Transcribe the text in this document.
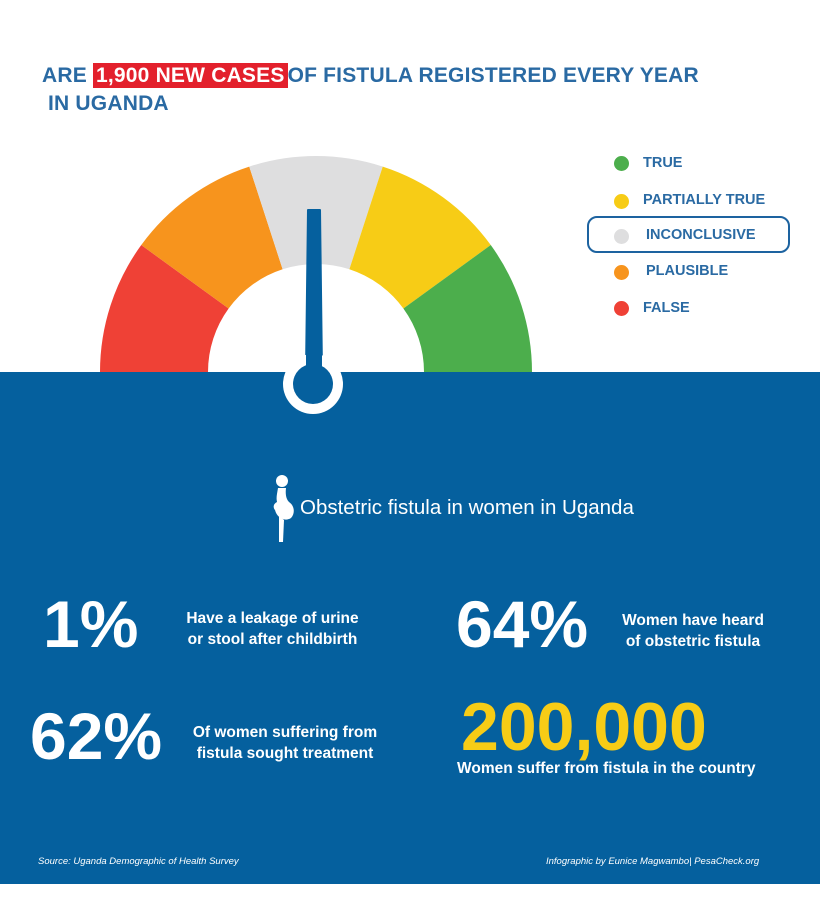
ARE 1,900 NEW CASES OF FISTULA REGISTERED EVERY YEAR
IN UGANDA
TRUE
PARTIALLY TRUE
INCONCLUSIVE
PLAUSIBLE
FALSE
Obstetric fistula in women in Uganda
1%	Have a leakage of urine
or stool after childbirth 64%	Women have heard
of obstetric fistula
62%	Of women suffering from
fistula sought treatment	200,000
Women suffer from fistula in the country
Source: Uganda Demographic of Health Survey	Infographic by Eunice Magwambo| PesaCheck.org
